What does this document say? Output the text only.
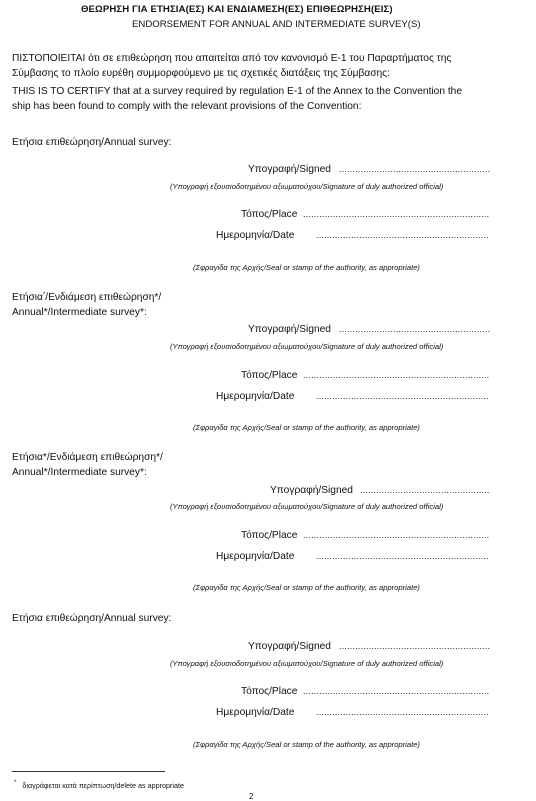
ΘΕΩΡΗΣΗ ΓΙΑ ΕΤΗΣΙΑ(ΕΣ) ΚΑΙ ΕΝΔΙΑΜΕΣΗ(ΕΣ) ΕΠΙΘΕΩΡΗΣΗ(ΕΙΣ)
ENDORSEMENT FOR ANNUAL AND INTERMEDIATE SURVEY(S)
ΠΙΣΤΟΠΟΙΕΙΤΑΙ ότι σε επιθεώρηση που απαιτείται από τον κανονισμό Ε-1 του Παραρτήματος της
Σύμβασης το πλοίο ευρέθη συμμορφούμενο με τις σχετικές διατάξεις της Σύμβασης:
THIS IS TO CERTIFY that at a survey required by regulation E-1 of the Annex to the Convention the
ship has been found to comply with the relevant provisions of the Convention:
Ετήσια επιθεώρηση/Annual survey:
Υπογραφή/Signed ........................................................
(Υπογραφή εξουσιοδοτημένου αξιωματούχου/Signature of duly authorized official)
Τόπος/Place .....................................................................
Ημερομηνία/Date ................................................................
(Σφραγίδα της Αρχής/Seal or stamp of the authority, as appropriate)
Ετήσια*/Ενδιάμεση επιθεώρηση*/
Annual*/Intermediate survey*:
Υπογραφή/Signed ........................................................
(Υπογραφή εξουσιοδοτημένου αξιωματούχου/Signature of duly authorized official)
Τόπος/Place .....................................................................
Ημερομηνία/Date ................................................................
(Σφραγίδα της Αρχής/Seal or stamp of the authority, as appropriate)
Ετήσια*/Ενδιάμεση επιθεώρηση*/
Annual*/Intermediate survey*:
Υπογραφή/Signed ................................................
(Υπογραφή εξουσιοδοτημένου αξιωματούχου/Signature of duly authorized official)
Τόπος/Place .....................................................................
Ημερομηνία/Date ................................................................
(Σφραγίδα της Αρχής/Seal or stamp of the authority, as appropriate)
Ετήσια επιθεώρηση/Annual survey:
Υπογραφή/Signed ........................................................
(Υπογραφή εξουσιοδοτημένου αξιωματούχου/Signature of duly authorized official)
Τόπος/Place .....................................................................
Ημερομηνία/Date ................................................................
(Σφραγίδα της Αρχής/Seal or stamp of the authority, as appropriate)
* διαγράφεται κατά περίπτωση/delete as appropriate
2
